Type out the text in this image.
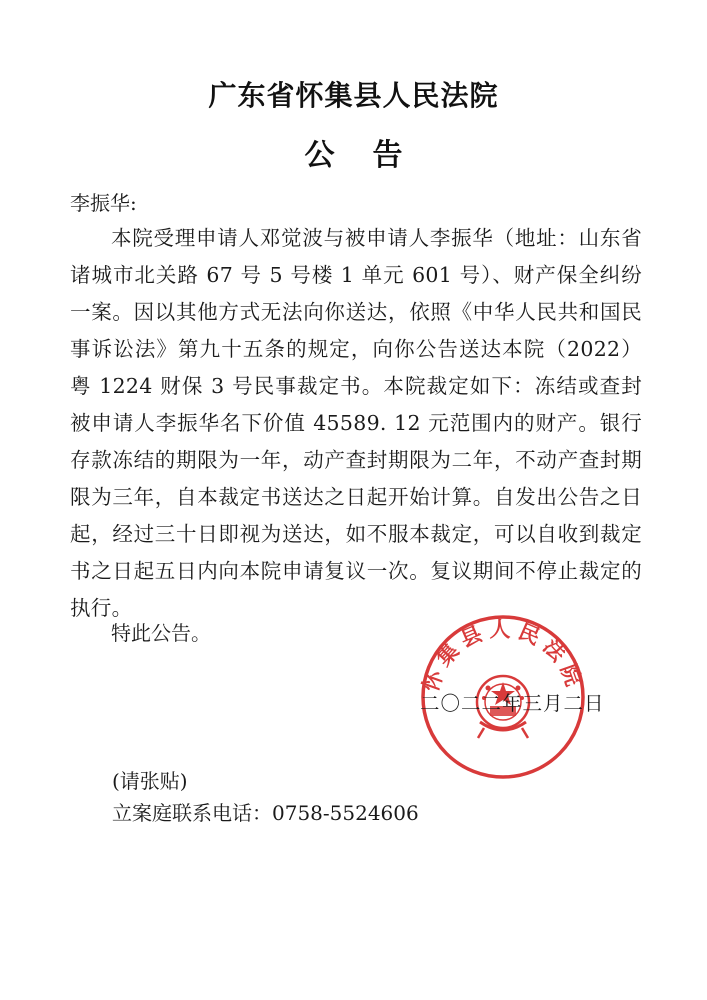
广东省怀集县人民法院
公告
李振华:
本院受理申请人邓觉波与被申请人李振华（地址：山东省诸城市北关路 67 号 5 号楼 1 单元 601 号）、财产保全纠纷一案。因以其他方式无法向你送达，依照《中华人民共和国民事诉讼法》第九十五条的规定，向你公告送达本院（2022）粤 1224 财保 3 号民事裁定书。本院裁定如下：冻结或查封被申请人李振华名下价值 45589. 12 元范围内的财产。银行存款冻结的期限为一年，动产查封期限为二年，不动产查封期限为三年，自本裁定书送达之日起开始计算。自发出公告之日起，经过三十日即视为送达，如不服本裁定，可以自收到裁定书之日起五日内向本院申请复议一次。复议期间不停止裁定的执行。
特此公告。
怀集县人民法院
二〇二二年三月二日
(请张贴)
立案庭联系电话：0758-5524606
